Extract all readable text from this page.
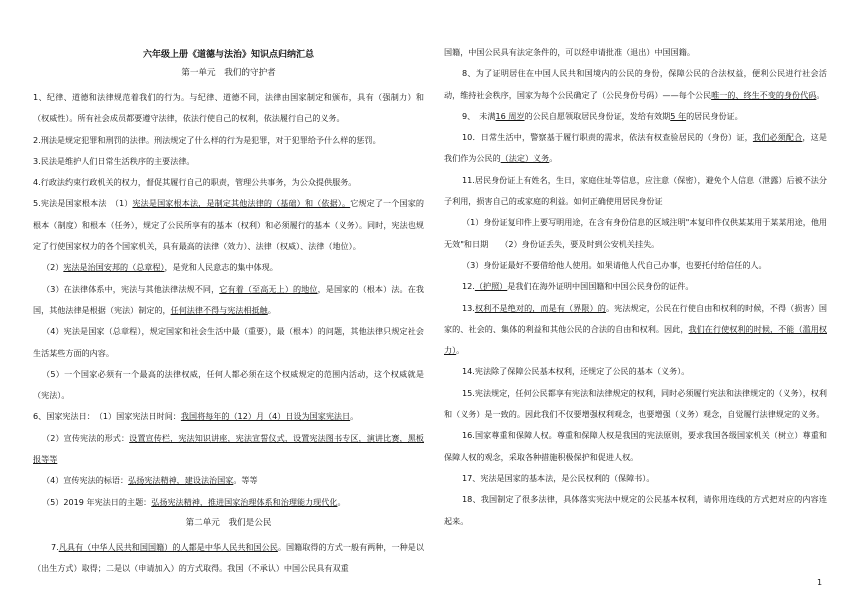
六年级上册《道德与法治》知识点归纳汇总
第一单元　我们的守护者

1、纪律、道德和法律规范着我们的行为。与纪律、道德不同，法律由国家制定和颁布，具有（强制力）和（权威性）。所有社会成员都要遵守法律，依法行使自己的权利，依法履行自己的义务。

2.刑法是规定犯罪和刑罚的法律。刑法规定了什么样的行为是犯罪，对于犯罪给予什么样的惩罚。

3.民法是维护人们日常生活秩序的主要法律。

4.行政法约束行政机关的权力，督促其履行自己的职责，管理公共事务，为公众提供服务。

5.宪法是国家根本法　（1）宪法是国家根本法，是制定其他法律的（基础）和（依据）。它规定了一个国家的根本（制度）和根本（任务），规定了公民所享有的基本（权利）和必须履行的基本（义务）。同时，宪法也规定了行使国家权力的各个国家机关，具有最高的法律（效力）、法律（权威）、法律（地位）。

（2）宪法是治国安邦的（总章程），是党和人民意志的集中体现。

（3）在法律体系中，宪法与其他法律法规不同，它有着（至高无上）的地位，是国家的（根本）法。在我国，其他法律是根据（宪法）制定的，任何法律不得与宪法相抵触。

（4）宪法是国家（总章程），规定国家和社会生活中最（重要），最（根本）的问题，其他法律只规定社会生活某些方面的内容。

（5）一个国家必须有一个最高的法律权威，任何人都必须在这个权威规定的范围内活动，这个权威就是（宪法）。

6、国家宪法日：　（1）国家宪法日时间：我国将每年的（12）月（4）日设为国家宪法日。

（2）宣传宪法的形式：设置宣传栏，宪法知识讲座，宪法宣誓仪式，设置宪法图书专区，演讲比赛，黑板报等等

（4）宣传宪法的标语：弘扬宪法精神，建设法治国家。等等

（5）2019 年宪法日的主题：弘扬宪法精神，推进国家治理体系和治理能力现代化。

第二单元　我们是公民

7.凡具有（中华人民共和国国籍）的人都是中华人民共和国公民。国籍取得的方式一般有两种，一种是以（出生方式）取得；二是以（申请加入）的方式取得。我国（不承认）中国公民具有双重

国籍，中国公民具有法定条件的，可以经申请批准（退出）中国国籍。

8、为了证明居住在中国人民共和国境内的公民的身份，保障公民的合法权益，便利公民进行社会活动，维持社会秩序，国家为每个公民确定了（公民身份号码）——每个公民唯一的、终生不变的身份代码。

9、　未满16 周岁的公民自愿领取居民身份证，发给有效期5 年的居民身份证。

10．日常生活中，警察基于履行职责的需求，依法有权查验居民的（身份）证，我们必须配合，这是我们作为公民的（法定）义务。

11.居民身份证上有姓名，生日，家庭住址等信息，应注意（保密），避免个人信息（泄露）后被不法分子利用，损害自己的或家庭的利益。如何正确使用居民身份证

（1）身份证复印件上要写明用途，在含有身份信息的区域注明"本复印件仅供某某用于某某用途，他用无效"和日期　　（2）身份证丢失，要及时到公安机关挂失。

（3）身份证最好不要借给他人使用。如果请他人代自己办事，也要托付给信任的人。

12.（护照）是我们在海外证明中国国籍和中国公民身份的证件。

13.权利不是绝对的，而是有（界限）的。宪法规定，公民在行使自由和权利的时候，不得（损害）国家的、社会的、集体的利益和其他公民的合法的自由和权利。因此，我们在行使权利的时候，不能（滥用权力）。

14.宪法除了保障公民基本权利，还规定了公民的基本（义务）。

15.宪法规定，任何公民都享有宪法和法律规定的权利，同时必须履行宪法和法律规定的（义务），权利和（义务）是一致的。因此我们不仅要增强权利观念，也要增强（义务）观念，自觉履行法律规定的义务。

16.国家尊重和保障人权。尊重和保障人权是我国的宪法原则，要求我国各级国家机关（树立）尊重和保障人权的观念，采取各种措施积极保护和促进人权。

17、宪法是国家的基本法，是公民权利的（保障书）。

18、我国制定了很多法律，具体落实宪法中规定的公民基本权利，请你用连线的方式把对应的内容连起来。

1
